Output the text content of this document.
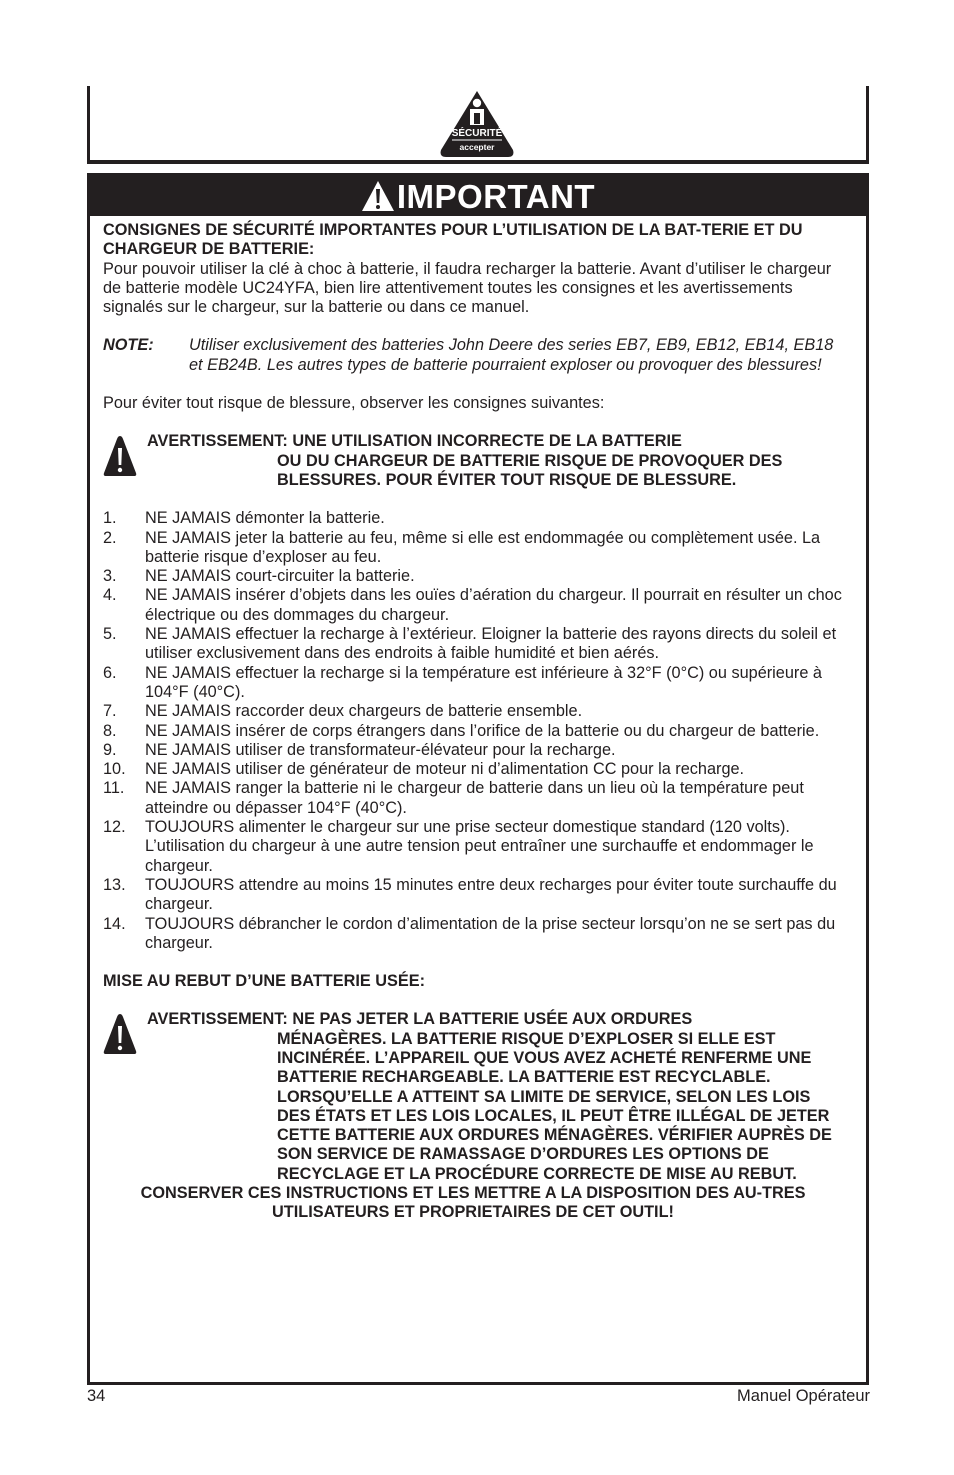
SÉCURITÉ
accepter
IMPORTANT

CONSIGNES DE SÉCURITÉ IMPORTANTES POUR L’UTILISATION DE LA BAT-TERIE ET DU CHARGEUR DE BATTERIE:

Pour pouvoir utiliser la clé à choc à batterie, il faudra recharger la batterie. Avant d’utiliser le chargeur de batterie modèle UC24YFA, bien lire attentivement toutes les consignes et les avertissements signalés sur le chargeur, sur la batterie ou dans ce manuel.

NOTE:	Utiliser exclusivement des batteries John Deere des series EB7, EB9, EB12, EB14, EB18 et EB24B. Les autres types de batterie pourraient exploser ou provoquer des blessures!

Pour éviter tout risque de blessure, observer les consignes suivantes:

AVERTISSEMENT: UNE UTILISATION INCORRECTE DE LA BATTERIE
OU DU CHARGEUR DE BATTERIE RISQUE DE PROVOQUER DES BLESSURES. POUR ÉVITER TOUT RISQUE DE BLESSURE.
1.	NE JAMAIS démonter la batterie.
2.	NE JAMAIS jeter la batterie au feu, même si elle est endommagée ou complètement usée. La batterie risque d’exploser au feu.
3.	NE JAMAIS court-circuiter la batterie.
4.	NE JAMAIS insérer d’objets dans les ouïes d’aération du chargeur. Il pourrait en résulter un choc électrique ou des dommages du chargeur.
5.	NE JAMAIS effectuer la recharge à l’extérieur. Eloigner la batterie des rayons directs du soleil et utiliser exclusivement dans des endroits à faible humidité et bien aérés.
6.	NE JAMAIS effectuer la recharge si la température est inférieure à 32°F (0°C) ou supérieure à 104°F (40°C).
7.	NE JAMAIS raccorder deux chargeurs de batterie ensemble.
8.	NE JAMAIS insérer de corps étrangers dans l’orifice de la batterie ou du chargeur de batterie.
9.	NE JAMAIS utiliser de transformateur-élévateur pour la recharge.
10.	NE JAMAIS utiliser de générateur de moteur ni d’alimentation CC pour la recharge.
11.	NE JAMAIS ranger la batterie ni le chargeur de batterie dans un lieu où la température peut atteindre ou dépasser 104°F (40°C).
12.	TOUJOURS alimenter le chargeur sur une prise secteur domestique standard (120 volts). L’utilisation du chargeur à une autre tension peut entraîner une surchauffe et endommager le chargeur.
13.	TOUJOURS attendre au moins 15 minutes entre deux recharges pour éviter toute surchauffe du chargeur.
14.	TOUJOURS débrancher le cordon d’alimentation de la prise secteur lorsqu’on ne se sert pas du chargeur.

MISE AU REBUT D’UNE BATTERIE USÉE:

AVERTISSEMENT: NE PAS JETER LA BATTERIE USÉE AUX ORDURES
MÉNAGÈRES. LA BATTERIE RISQUE D’EXPLOSER SI ELLE EST INCINÉRÉE. L’APPAREIL QUE VOUS AVEZ ACHETÉ RENFERME UNE BATTERIE RECHARGEABLE. LA BATTERIE EST RECYCLABLE. LORSQU’ELLE A ATTEINT SA LIMITE DE SERVICE, SELON LES LOIS DES ÉTATS ET LES LOIS LOCALES, IL PEUT ÊTRE ILLÉGAL DE JETER CETTE BATTERIE AUX ORDURES MÉNAGÈRES. VÉRIFIER AUPRÈS DE SON SERVICE DE RAMASSAGE D’ORDURES LES OPTIONS DE RECYCLAGE ET LA PROCÉDURE CORRECTE DE MISE AU REBUT.

CONSERVER CES INSTRUCTIONS ET LES METTRE A LA DISPOSITION DES AU-TRES UTILISATEURS ET PROPRIETAIRES DE CET OUTIL!

34	Manuel Opérateur
